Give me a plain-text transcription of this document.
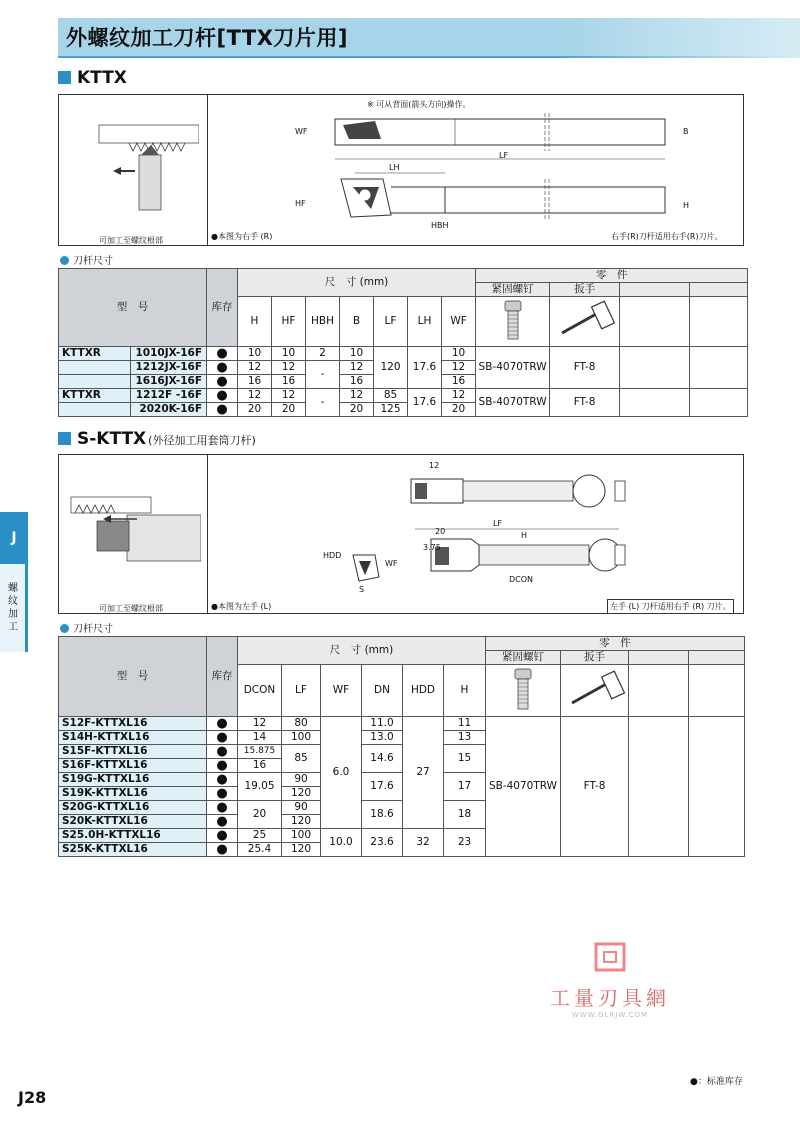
外螺纹加工刀杆[TTX刀片用]
J
螺纹加工
KTTX
可加工至螺纹根部
※ 可从背面(箭头方向)操作。
WF
LH
LF
B
HF	H
HBH
●本图为右手 (R)	右手(R)刀杆适用右手(R)刀片。
刀杆尺寸
型　号		库存	尺　寸 (mm)							零　件			
										紧固螺钉	扳手		
			H	HF	HBH	B	LF	LH	WF				
KTTXR	1010JX-16F	●	10	10	2	10	120	17.6	10	SB-4070TRW	FT-8		
	1212JX-16F	●	12	12	-	12			12				
	1616JX-16F	●	16	16		16			16				
KTTXR	1212F -16F	●	12	12	-	12	85	17.6	12	SB-4070TRW	FT-8		
	2020K-16F	●	20	20		20	125		20				
S-KTTX (外径加工用套筒刀杆)
可加工至螺纹根部
12
20
LF
H
WF
HDD
3.75
DCON
S
●本图为左手 (L)	左手 (L) 刀杆适用右手 (R) 刀片。
刀杆尺寸
型　号	库存	尺　寸 (mm)						零　件			
								紧固螺钉	扳手		
		DCON	LF	WF	DN	HDD	H				
S12F-KTTXL16	●	12	80	6.0	11.0	27	11	SB-4070TRW	FT-8		
S14H-KTTXL16	●	14	100		13.0		13				
S15F-KTTXL16	●	15.875	85		14.6		15				
S16F-KTTXL16	●	16									
S19G-KTTXL16	●	19.05	90		17.6		17				
S19K-KTTXL16	●		120								
S20G-KTTXL16	●	20	90		18.6		18				
S20K-KTTXL16	●		120								
S25.0H-KTTXL16	●	25	100	10.0	23.6	32	23				
S25K-KTTXL16	●	25.4	120								
工量刃具網
WWW.GLRJW.COM
●：标准库存
J28
